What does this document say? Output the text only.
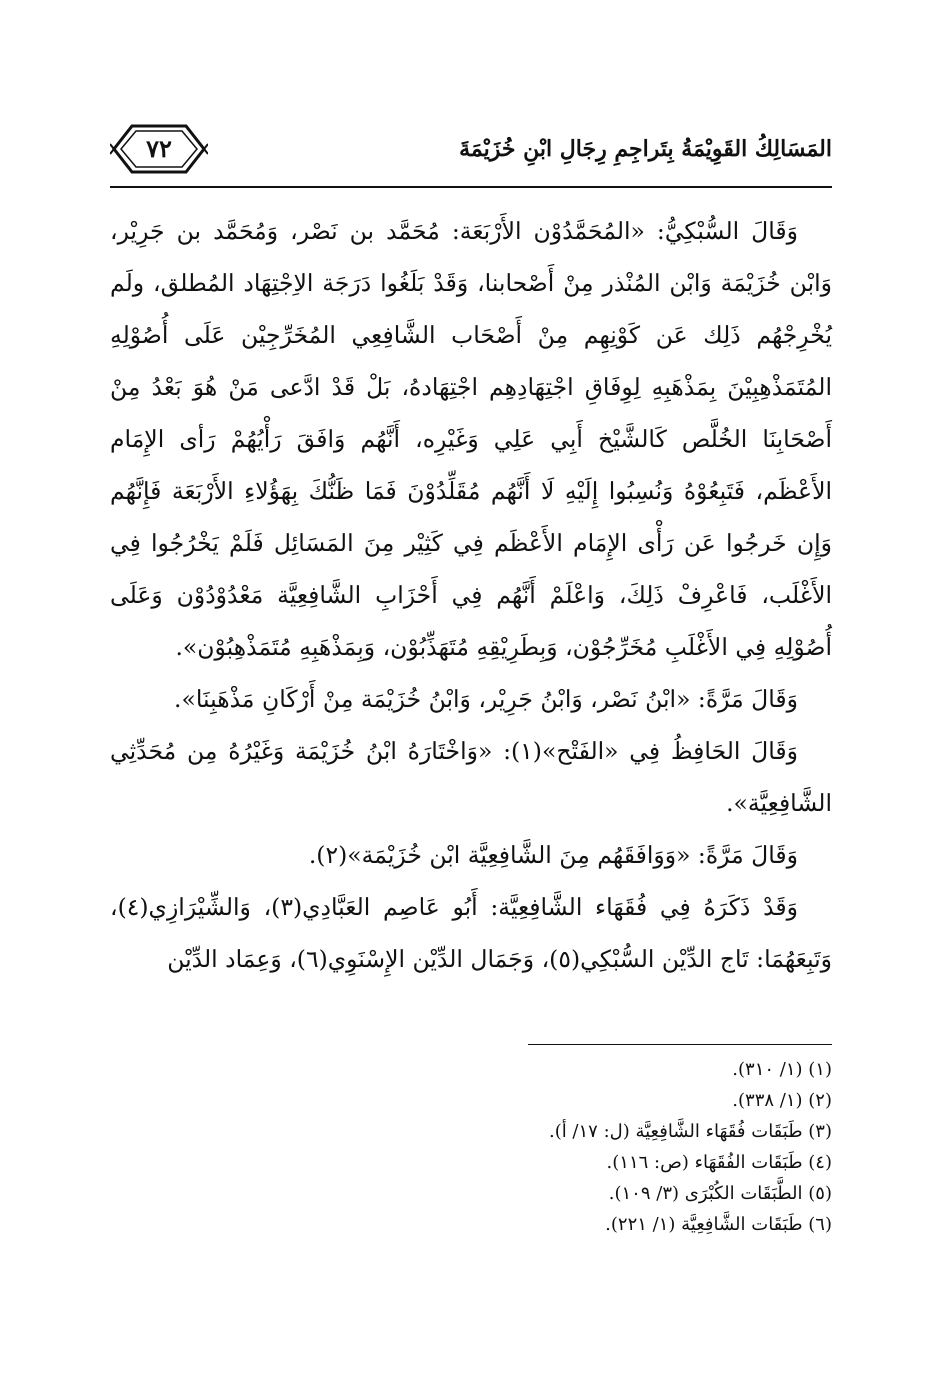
٧٢	المَسَالِكُ القَوِيْمَةُ بِتَراجِمِ رِجَالِ ابْنِ خُزَيْمَةَ

وَقَالَ السُّبْكِيُّ: «المُحَمَّدُوْن الأَرْبَعَة: مُحَمَّد بن نَصْر، وَمُحَمَّد بن جَرِيْر، وَابْن خُزَيْمَة وَابْن المُنْذر مِنْ أَصْحابنا، وَقَدْ بَلَغُوا دَرَجَة الاِجْتِهَاد المُطلق، ولَم يُخْرِجْهُم ذَلِك عَن كَوْنِهِم مِنْ أَصْحَاب الشَّافِعِي المُخَرِّجِيْن عَلَى أُصُوْلِهِ المُتَمَذْهِبِيْنَ بِمَذْهَبِهِ لِوِفَاقِ اجْتِهَادِهِم اجْتِهَادهُ، بَلْ قَدْ ادَّعى مَنْ هُوَ بَعْدُ مِنْ أَصْحَابِنَا الخُلَّص كَالشَّيْخ أَبِي عَلِي وَغَيْرِه، أَنَّهُم وَافَقَ رَأْيُهُمْ رَأى الإِمَام الأَعْظَم، فَتَبِعُوْهُ وَنُسِبُوا إِلَيْهِ لَا أَنَّهُم مُقَلِّدُوْنَ فَمَا ظَنُّكَ بِهَؤُلاءِ الأَرْبَعَة فَإِنَّهُم وَإِن خَرجُوا عَن رَأْى الإِمَام الأَعْظَم فِي كَثِيْر مِنَ المَسَائِل فَلَمْ يَخْرُجُوا فِي الأَغْلَب، فَاعْرِفْ ذَلِكَ، وَاعْلَمْ أَنَّهُم فِي أَحْزَابِ الشَّافِعِيَّة مَعْدُوْدُوْن وَعَلَى أُصُوْلِهِ فِي الأَغْلَبِ مُخَرِّجُوْن، وَبِطَرِيْقِهِ مُتَهَذِّبُوْن، وَبِمَذْهَبِهِ مُتَمَذْهِبُوْن».

وَقَالَ مَرَّةً: «ابْنُ نَصْر، وَابْنُ جَرِيْر، وَابْنُ خُزَيْمَة مِنْ أَرْكَانِ مَذْهَبِنَا».

وَقَالَ الحَافِظُ فِي «الفَتْح»(١): «وَاخْتَارَهُ ابْنُ خُزَيْمَة وَغَيْرُهُ مِن مُحَدِّثِي الشَّافِعِيَّة».

وَقَالَ مَرَّةً: «وَوَافَقَهُم مِنَ الشَّافِعِيَّة ابْن خُزَيْمَة»(٢).

وَقَدْ ذَكَرَهُ فِي فُقَهَاء الشَّافِعِيَّة: أَبُو عَاصِم العَبَّادِي(٣)، وَالشِّيْرَازِي(٤)، وَتَبِعَهُمَا: تَاج الدِّيْن السُّبْكِي(٥)، وَجَمَال الدِّيْن الإِسْنَوِي(٦)، وَعِمَاد الدِّيْن

(١) (١/ ٣١٠).
(٢) (١/ ٣٣٨).
(٣) طَبَقَات فُقَهَاء الشَّافِعِيَّة (ل: ١٧/ أ).
(٤) طَبَقَات الفُقَهَاء (ص: ١١٦).
(٥) الطَّبَقَات الكُبْرَى (٣/ ١٠٩).
(٦) طَبَقَات الشَّافِعِيَّة (١/ ٢٢١).
